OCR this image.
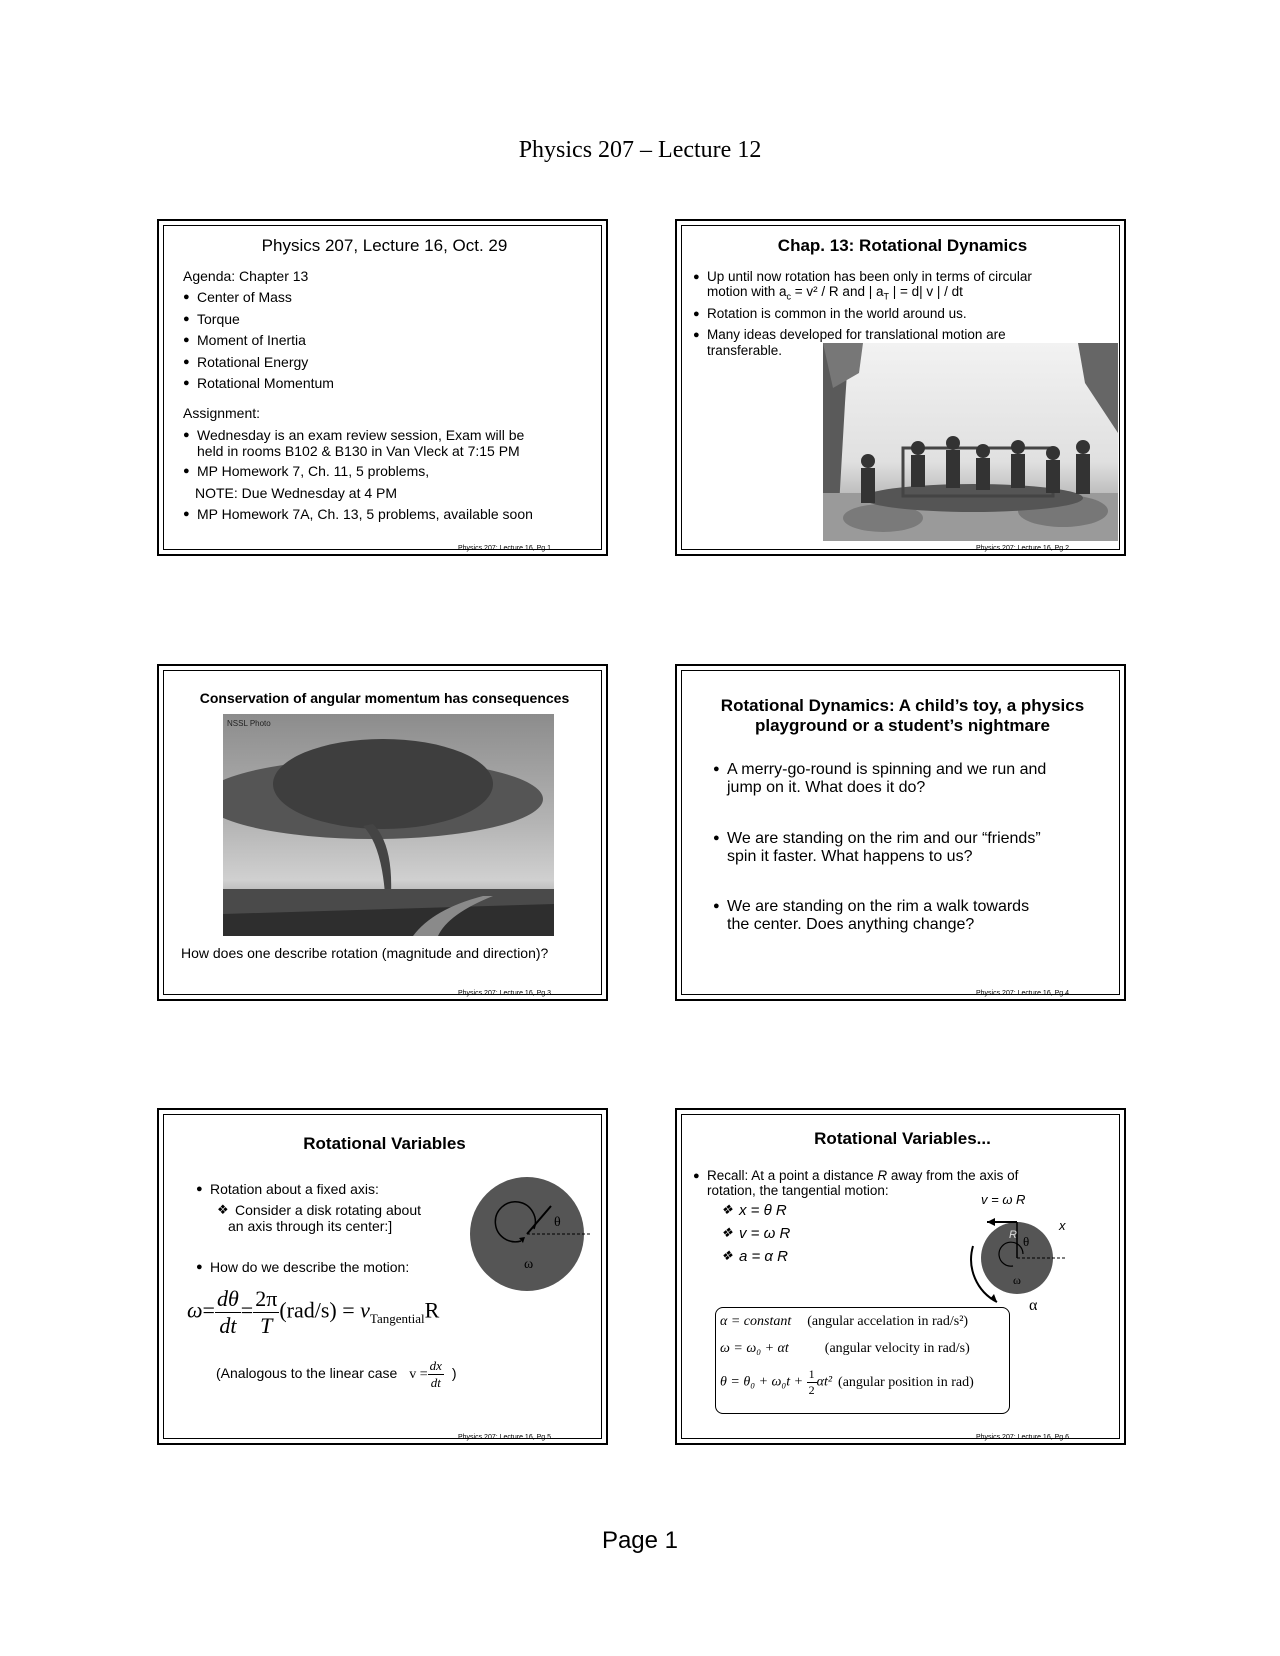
Physics 207 – Lecture 12
Physics 207, Lecture 16, Oct. 29
Agenda: Chapter 13
● Center of Mass
● Torque
● Moment of Inertia
● Rotational Energy
● Rotational Momentum
Assignment:
● Wednesday is an exam review session, Exam will be
held in rooms B102 & B130 in Van Vleck at 7:15 PM
● MP Homework 7, Ch. 11, 5 problems,
NOTE: Due Wednesday at 4 PM
● MP Homework 7A, Ch. 13, 5 problems, available soon
Physics 207: Lecture 16, Pg 1
Chap. 13: Rotational Dynamics
● Up until now rotation has been only in terms of circular
motion with $a_c = v^2 / R$ and | $a_T$ | = d| v | / dt
● Rotation is common in the world around us.
● Many ideas developed for translational motion are
transferable.
Physics 207: Lecture 16, Pg 2
Conservation of angular momentum has consequences
NSSL Photo
How does one describe rotation (magnitude and direction)?
Physics 207: Lecture 16, Pg 3
Rotational Dynamics: A child’s toy, a physics
playground or a student’s nightmare
● A merry-go-round is spinning and we run and
jump on it. What does it do?
● We are standing on the rim and our “friends”
spin it faster. What happens to us?
● We are standing on the rim a walk towards
the center. Does anything change?
Physics 207: Lecture 16, Pg 4
Rotational Variables
● Rotation about a fixed axis:
❖ Consider a disk rotating about
an axis through its center:]
● How do we describe the motion:
θ
ω
$\omega= \frac{d\theta}{dt} = \frac{2\pi}{T} (rad/s) = v_{Tangential}R$
(Analogous to the linear case $v = \frac{dx}{dt}$ )
Physics 207: Lecture 16, Pg 5
Rotational Variables...
● Recall: At a point a distance R away from the axis of
rotation, the tangential motion:
❖ x = θ R
❖ v = ω R
❖ a = α R
v = ω R
x
R θ
ω
α
α = constant (angular accelation in rad/s²)
ω = ω₀ + αt	(angular velocity in rad/s)
$\theta = \theta_0 + \omega_0t + \frac{1}{2} \alpha t^2$ (angular position in rad)
Physics 207: Lecture 16, Pg 6
Page 1
